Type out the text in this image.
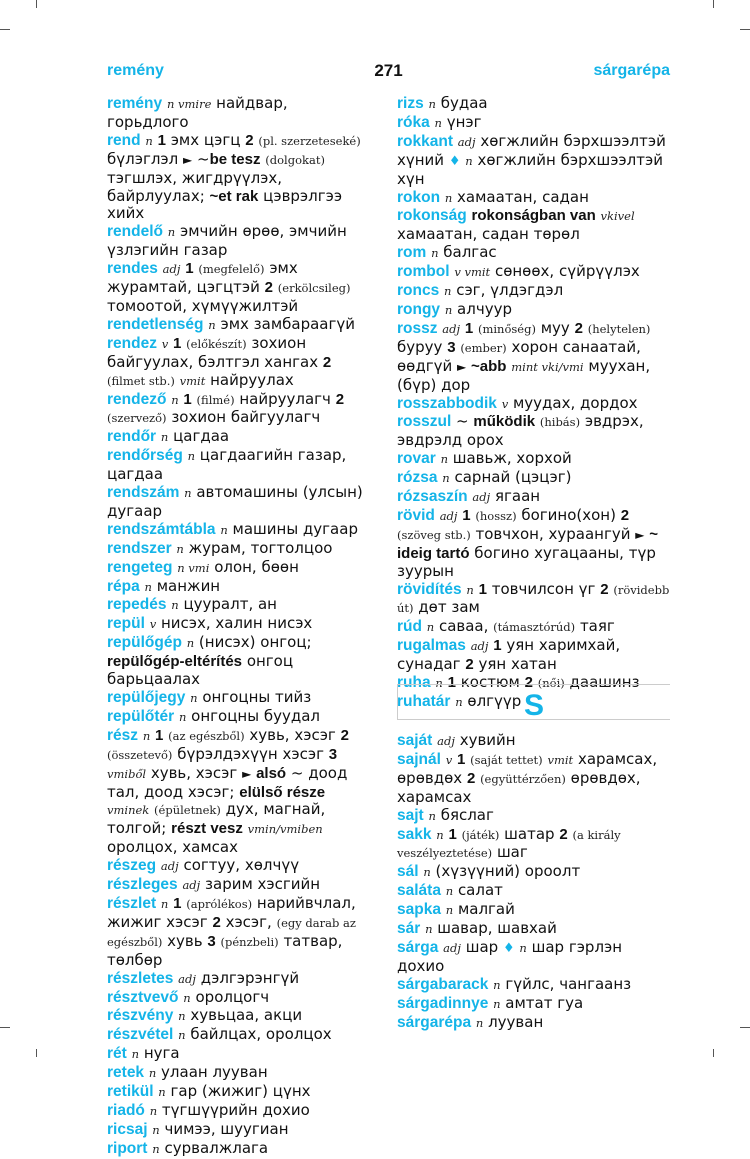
remény	271	sárgarépa

remény n vmire найдвар, горьдлого

rend n 1 эмх цэгц 2 (pl. szerzeteseké) бүлэглэл ► ~be tesz (dolgokat) тэгшлэх, жигдрүүлэх, байрлуулах; ~et rak цэврэлгээ хийх

rendelő n эмчийн өрөө, эмчийн үзлэгийн газар

rendes adj 1 (megfelelő) эмх журамтай, цэгцтэй 2 (erkölcsileg) томоотой, хүмүүжилтэй

rendetlenség n эмх замбараагүй

rendez v 1 (előkészít) зохион байгуулах, бэлтгэл хангах 2 (filmet stb.) vmit найруулах

rendező n 1 (filmé) найруулагч 2 (szervező) зохион байгуулагч

rendőr n цагдаа

rendőrség n цагдаагийн газар, цагдаа

rendszám n автомашины (улсын) дугаар

rendszámtábla n машины дугаар

rendszer n журам, тогтолцоо

rengeteg n vmi олон, бөөн

répa n манжин

repedés n цууралт, ан

repül v нисэх, халин нисэх

repülőgép n (нисэх) онгоц; repülőgép-eltérítés онгоц барьцаалах

repülőjegy n онгоцны тийз

repülőtér n онгоцны буудал

rész n 1 (az egészből) хувь, хэсэг 2 (összetevő) бүрэлдэхүүн хэсэг 3 vmiből хувь, хэсэг ► alsó ~ доод тал, доод хэсэг; elülső része vminek (épületnek) дух, магнай, толгой; részt vesz vmin/vmiben оролцох, хамсах

részeg adj согтуу, хөлчүү

részleges adj зарим хэсгийн

részlet n 1 (aprólékos) нарийвчлал, жижиг хэсэг 2 хэсэг, (egy darab az egészből) хувь 3 (pénzbeli) татвар, төлбөр

részletes adj дэлгэрэнгүй

résztvevő n оролцогч

részvény n хувьцаа, акци

részvétel n байлцах, оролцох

rét n нуга

retek n улаан лууван

retikül n гар (жижиг) цүнх

riadó n түгшүүрийн дохио

ricsaj n чимээ, шуугиан

riport n сурвалжлага

rizs n будаа

róka n үнэг

rokkant adj хөгжлийн бэрхшээлтэй хүний ♦ n хөгжлийн бэрхшээлтэй хүн

rokon n хамаатан, садан

rokonság rokonságban van vkivel хамаатан, садан төрөл

rom n балгас

rombol v vmit сөнөөх, сүйрүүлэх

roncs n сэг, үлдэгдэл

rongy n алчуур

rossz adj 1 (minőség) муу 2 (helytelen) буруу 3 (ember) хорон санаатай, өөдгүй ► ~abb mint vki/vmi муухан, (бүр) дор

rosszabbodik v муудах, дордох

rosszul ~ működik (hibás) эвдрэх, эвдрэлд орох

rovar n шавьж, хорхой

rózsa n сарнай (цэцэг)

rózsaszín adj ягаан

rövid adj 1 (hossz) богино(хон) 2 (szöveg stb.) товчхон, хураангуй ► ~ ideig tartó богино хугацааны, түр зуурын

rövidítés n 1 товчилсон үг 2 (rövidebb út) дөт зам

rúd n саваа, (támasztórúd) таяг

rugalmas adj 1 уян харимхай, сунадаг 2 уян хатан

ruha n 1 костюм 2 (női) даашинз

ruhatár n өлгүүр S

saját adj хувийн

sajnál v 1 (saját tettet) vmit харамсах, өрөвдөх 2 (együttérzően) өрөвдөх, харамсах

sajt n бяслаг

sakk n 1 (játék) шатар 2 (a király veszélyeztetése) шаг

sál n (хүзүүний) ороолт

saláta n салат

sapka n малгай

sár n шавар, шавхай

sárga adj шар ♦ n шар гэрлэн дохио

sárgabarack n гүйлс, чангаанз

sárgadinnye n амтат гуа

sárgarépa n лууван
